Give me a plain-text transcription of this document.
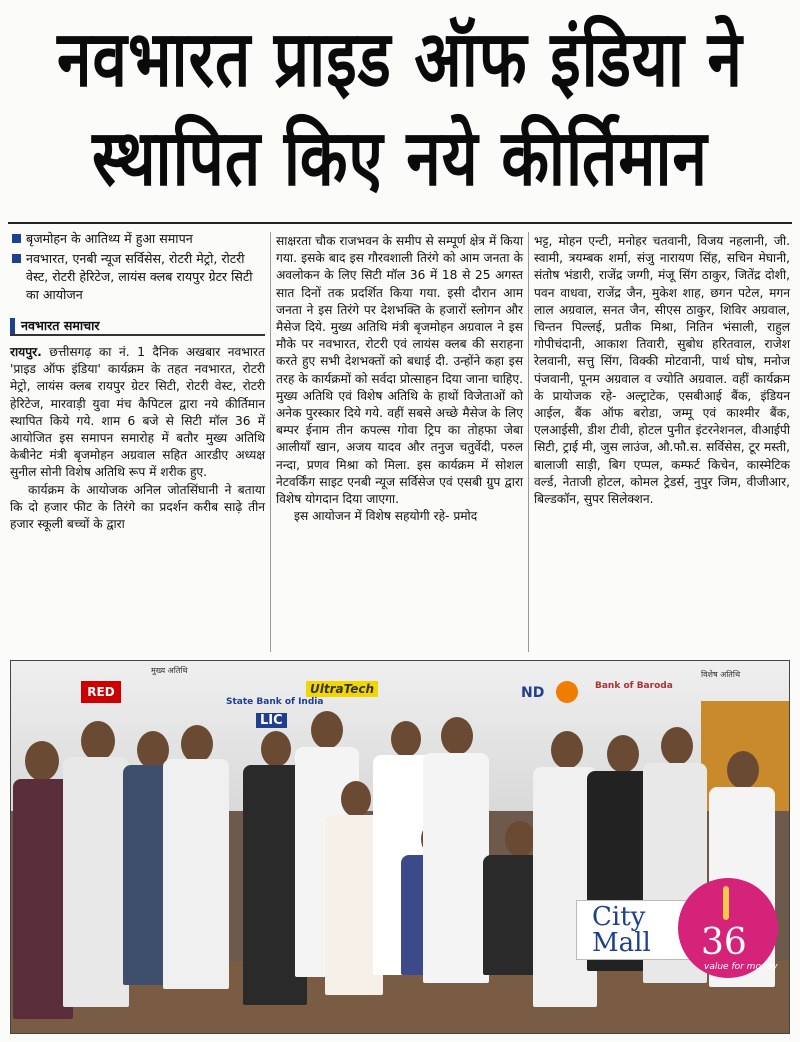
नवभारत प्राइड ऑफ इंडिया ने
स्थापित किए नये कीर्तिमान
बृजमोहन के आतिथ्य में हुआ समापन
नवभारत, एनबी न्यूज सर्विसेस, रोटरी मेट्रो, रोटरी वेस्ट, रोटरी हेरिटेज, लायंस क्लब रायपुर ग्रेटर सिटी का आयोजन
नवभारत समाचार

रायपुर. छत्तीसगढ़ का नं. 1 दैनिक अखबार नवभारत 'प्राइड ऑफ इंडिया' कार्यक्रम के तहत नवभारत, रोटरी मेट्रो, लायंस क्लब रायपुर ग्रेटर सिटी, रोटरी वेस्ट, रोटरी हेरिटेज, मारवाड़ी युवा मंच कैपिटल द्वारा नये कीर्तिमान स्थापित किये गये. शाम 6 बजे से सिटी मॉल 36 में आयोजित इस समापन समारोह में बतौर मुख्य अतिथि केबीनेट मंत्री बृजमोहन अग्रवाल सहित आरडीए अध्यक्ष सुनील सोनी विशेष अतिथि रूप में शरीक हुए.

कार्यक्रम के आयोजक अनिल जोतसिंघानी ने बताया कि दो हजार फीट के तिरंगे का प्रदर्शन करीब साढ़े तीन हजार स्कूली बच्चों के द्वारा

साक्षरता चौक राजभवन के समीप से सम्पूर्ण क्षेत्र में किया गया. इसके बाद इस गौरवशाली तिरंगे को आम जनता के अवलोकन के लिए सिटी मॉल 36 में 18 से 25 अगस्त सात दिनों तक प्रदर्शित किया गया. इसी दौरान आम जनता ने इस तिरंगे पर देशभक्ति के हजारों स्लोगन और मैसेज दिये. मुख्य अतिथि मंत्री बृजमोहन अग्रवाल ने इस मौके पर नवभारत, रोटरी एवं लायंस क्लब की सराहना करते हुए सभी देशभक्तों को बधाई दी. उन्होंने कहा इस तरह के कार्यक्रमों को सर्वदा प्रोत्साहन दिया जाना चाहिए. मुख्य अतिथि एवं विशेष अतिथि के हाथों विजेताओं को अनेक पुरस्कार दिये गये. वहीं सबसे अच्छे मैसेज के लिए बम्पर ईनाम तीन कपल्स गोवा ट्रिप का तोहफा जेबा आलीयॉं खान, अजय यादव और तनुज चतुर्वेदी, परुल नन्दा, प्रणव मिश्रा को मिला. इस कार्यक्रम में सोशल नेटवर्किंग साइट एनबी न्यूज सर्विसेज एवं एसबी ग्रुप द्वारा विशेष योगदान दिया जाएगा.

इस आयोजन में विशेष सहयोगी रहे- प्रमोद

भट्ट, मोहन एन्टी, मनोहर चतवानी, विजय नहलानी, जी. स्वामी, त्रयम्बक शर्मा, संजु नारायण सिंह, सचिन मेघानी, संतोष भंडारी, राजेंद्र जग्गी, मंजू सिंग ठाकुर, जितेंद्र दोशी, पवन वाधवा, राजेंद्र जैन, मुकेश शाह, छगन पटेल, मगन लाल अग्रवाल, सनत जैन, सीएस ठाकुर, शिविर अग्रवाल, चिन्तन पिल्लई, प्रतीक मिश्रा, नितिन भंसाली, राहुल गोपीचंदानी, आकाश तिवारी, सुबोध हरितवाल, राजेश रेलवानी, सत्तु सिंग, विक्की मोटवानी, पार्थ घोष, मनोज पंजवानी, पूनम अग्रवाल व ज्योति अग्रवाल. वहीं कार्यक्रम के प्रायोजक रहे- अल्ट्राटेक, एसबीआई बैंक, इंडियन आईल, बैंक ऑफ बरोडा, जम्मू एवं काश्मीर बैंक, एलआईसी, डीश टीवी, होटल पुनीत इंटरनेशनल, वीआईपी सिटी, ट्राई मी, जुस लाउंज, औ.फौ.स. सर्विसेस, टूर मस्ती, बालाजी साड़ी, बिग एप्पल, कम्फर्ट किचेन, कास्मेटिक वर्ल्ड, नेताजी होटल, कोमल ट्रेडर्स, नुपुर जिम, वीजीआर, बिल्डकॉन, सुपर सिलेक्शन.

RED
मुख्य अतिथि
State Bank of India
LIC
UltraTech	ND	Bank of Baroda
विशेष अतिथि
City
Mall 36
value for money
